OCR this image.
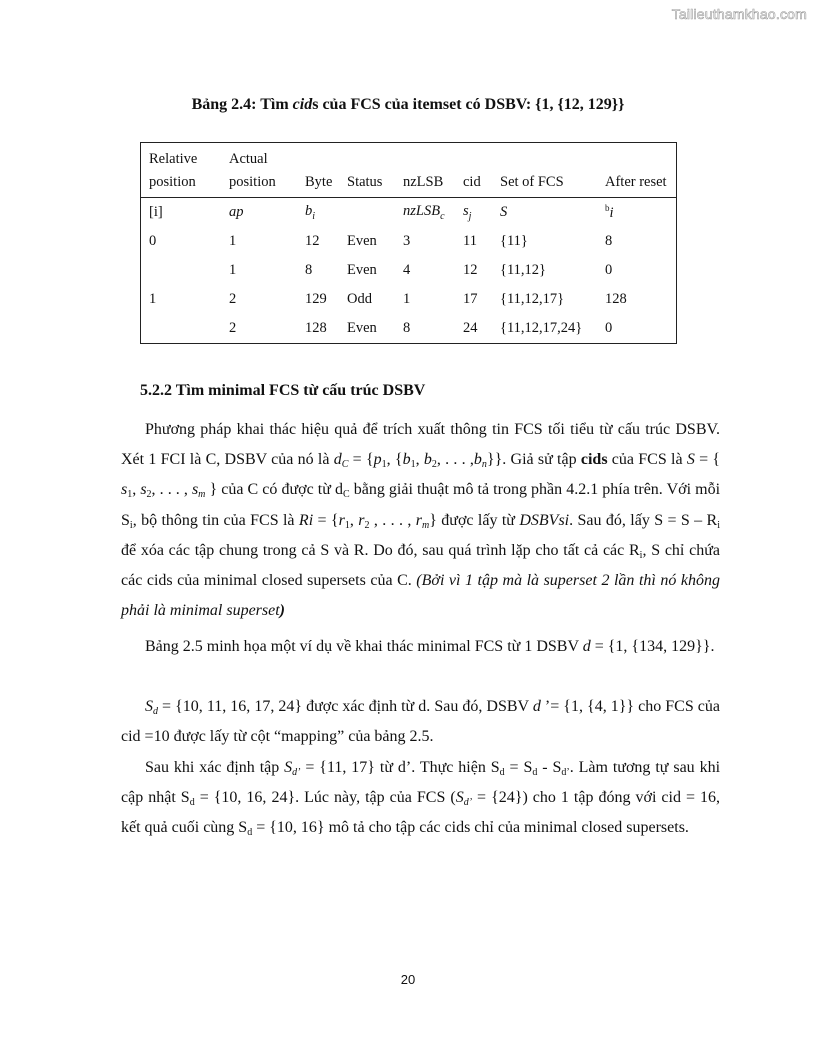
Tailieuthamkhao.com
Bảng 2.4: Tìm cids của FCS của itemset có DSBV: {1, {12, 129}}
Relative	Actual						
position	position	Byte	Status	nzLSB	cid	Set of FCS	After reset
[i]	ap	$b_i$		nzLSB$_c$	$s_j$	S	$^b$i
0	1	12	Even	3	11	{11}	8
	1	8	Even	4	12	{11,12}	0
1	2	129	Odd	1	17	{11,12,17}	128
	2	128	Even	8	24	{11,12,17,24}	0
5.2.2 Tìm minimal FCS từ cấu trúc DSBV
Phương pháp khai thác hiệu quả để trích xuất thông tin FCS tối tiểu từ cấu trúc DSBV. Xét 1 FCI là C, DSBV của nó là $d_C = \{p_1$, {$b_1$, $b_2$, . . . $,b_n$}}. Giả sử tập cids của FCS là S = { $s_1$, $s_2$, . . . , $s_m$ } của C có được từ $d_C$ bằng giải thuật mô tả trong phần 4.2.1 phía trên. Với mỗi $S_i$, bộ thông tin của FCS là $Ri = \{r_1$, $r_2$ , . . . , $r_m$} được lấy từ DSBVsi. Sau đó, lấy $S = S - R_i$ để xóa các tập chung trong cả S và R. Do đó, sau quá trình lặp cho tất cả các $R_i$, S chỉ chứa các cids của minimal closed supersets của C. (Bởi vì 1 tập mà là superset 2 lần thì nó không phải là minimal superset)
Bảng 2.5 minh họa một ví dụ về khai thác minimal FCS từ 1 DSBV d = {1, {134, 129}}.
$S_d = \{10$, 11, 16, 17, 24} được xác định từ d. Sau đó, DSBV d ’= {1, {4, 1}} cho FCS của cid =10 được lấy từ cột “mapping” của bảng 2.5.
Sau khi xác định tập $S_{d’} = \{11$, 17} từ d’. Thực hiện $S_d = S_d - S_{d’}$. Làm tương tự sau khi cập nhật $S_d = \{10$, 16, 24}. Lúc này, tập của FCS $(S_{d’} = \{24\})$ cho 1 tập đóng với cid = 16, kết quả cuối cùng $S_d = \{10$, 16} mô tả cho tập các cids chỉ của minimal closed supersets.
20
